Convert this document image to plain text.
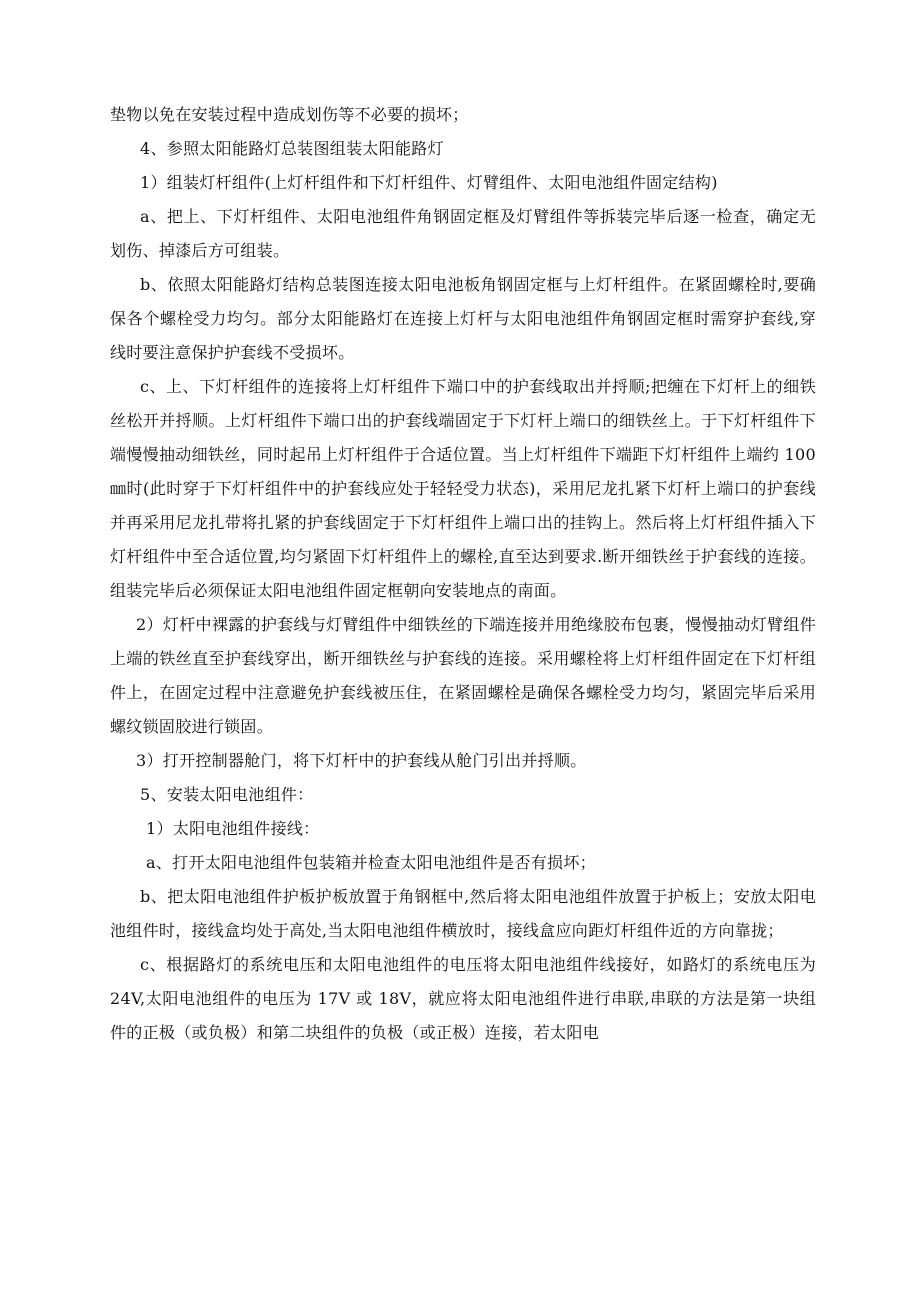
垫物以免在安装过程中造成划伤等不必要的损坏；

4、参照太阳能路灯总装图组装太阳能路灯

1）组装灯杆组件(上灯杆组件和下灯杆组件、灯臂组件、太阳电池组件固定结构)

a、把上、下灯杆组件、太阳电池组件角钢固定框及灯臂组件等拆装完毕后逐一检查，确定无划伤、掉漆后方可组装。

b、依照太阳能路灯结构总装图连接太阳电池板角钢固定框与上灯杆组件。在紧固螺栓时,要确保各个螺栓受力均匀。部分太阳能路灯在连接上灯杆与太阳电池组件角钢固定框时需穿护套线,穿线时要注意保护护套线不受损坏。

c、上、下灯杆组件的连接将上灯杆组件下端口中的护套线取出并捋顺;把缠在下灯杆上的细铁丝松开并捋顺。上灯杆组件下端口出的护套线端固定于下灯杆上端口的细铁丝上。于下灯杆组件下端慢慢抽动细铁丝，同时起吊上灯杆组件于合适位置。当上灯杆组件下端距下灯杆组件上端约 100㎜时(此时穿于下灯杆组件中的护套线应处于轻轻受力状态)，采用尼龙扎紧下灯杆上端口的护套线并再采用尼龙扎带将扎紧的护套线固定于下灯杆组件上端口出的挂钩上。然后将上灯杆组件插入下灯杆组件中至合适位置,均匀紧固下灯杆组件上的螺栓,直至达到要求.断开细铁丝于护套线的连接。组装完毕后必须保证太阳电池组件固定框朝向安装地点的南面。

2）灯杆中裸露的护套线与灯臂组件中细铁丝的下端连接并用绝缘胶布包裹，慢慢抽动灯臂组件上端的铁丝直至护套线穿出，断开细铁丝与护套线的连接。采用螺栓将上灯杆组件固定在下灯杆组件上，在固定过程中注意避免护套线被压住，在紧固螺栓是确保各螺栓受力均匀，紧固完毕后采用螺纹锁固胶进行锁固。

3）打开控制器舱门，将下灯杆中的护套线从舱门引出并捋顺。

5、安装太阳电池组件：

1）太阳电池组件接线：

a、打开太阳电池组件包装箱并检查太阳电池组件是否有损坏；

b、把太阳电池组件护板护板放置于角钢框中,然后将太阳电池组件放置于护板上；安放太阳电池组件时，接线盒均处于高处,当太阳电池组件横放时，接线盒应向距灯杆组件近的方向靠拢；

c、根据路灯的系统电压和太阳电池组件的电压将太阳电池组件线接好，如路灯的系统电压为 24V,太阳电池组件的电压为 17V 或 18V，就应将太阳电池组件进行串联,串联的方法是第一块组件的正极（或负极）和第二块组件的负极（或正极）连接，若太阳电
